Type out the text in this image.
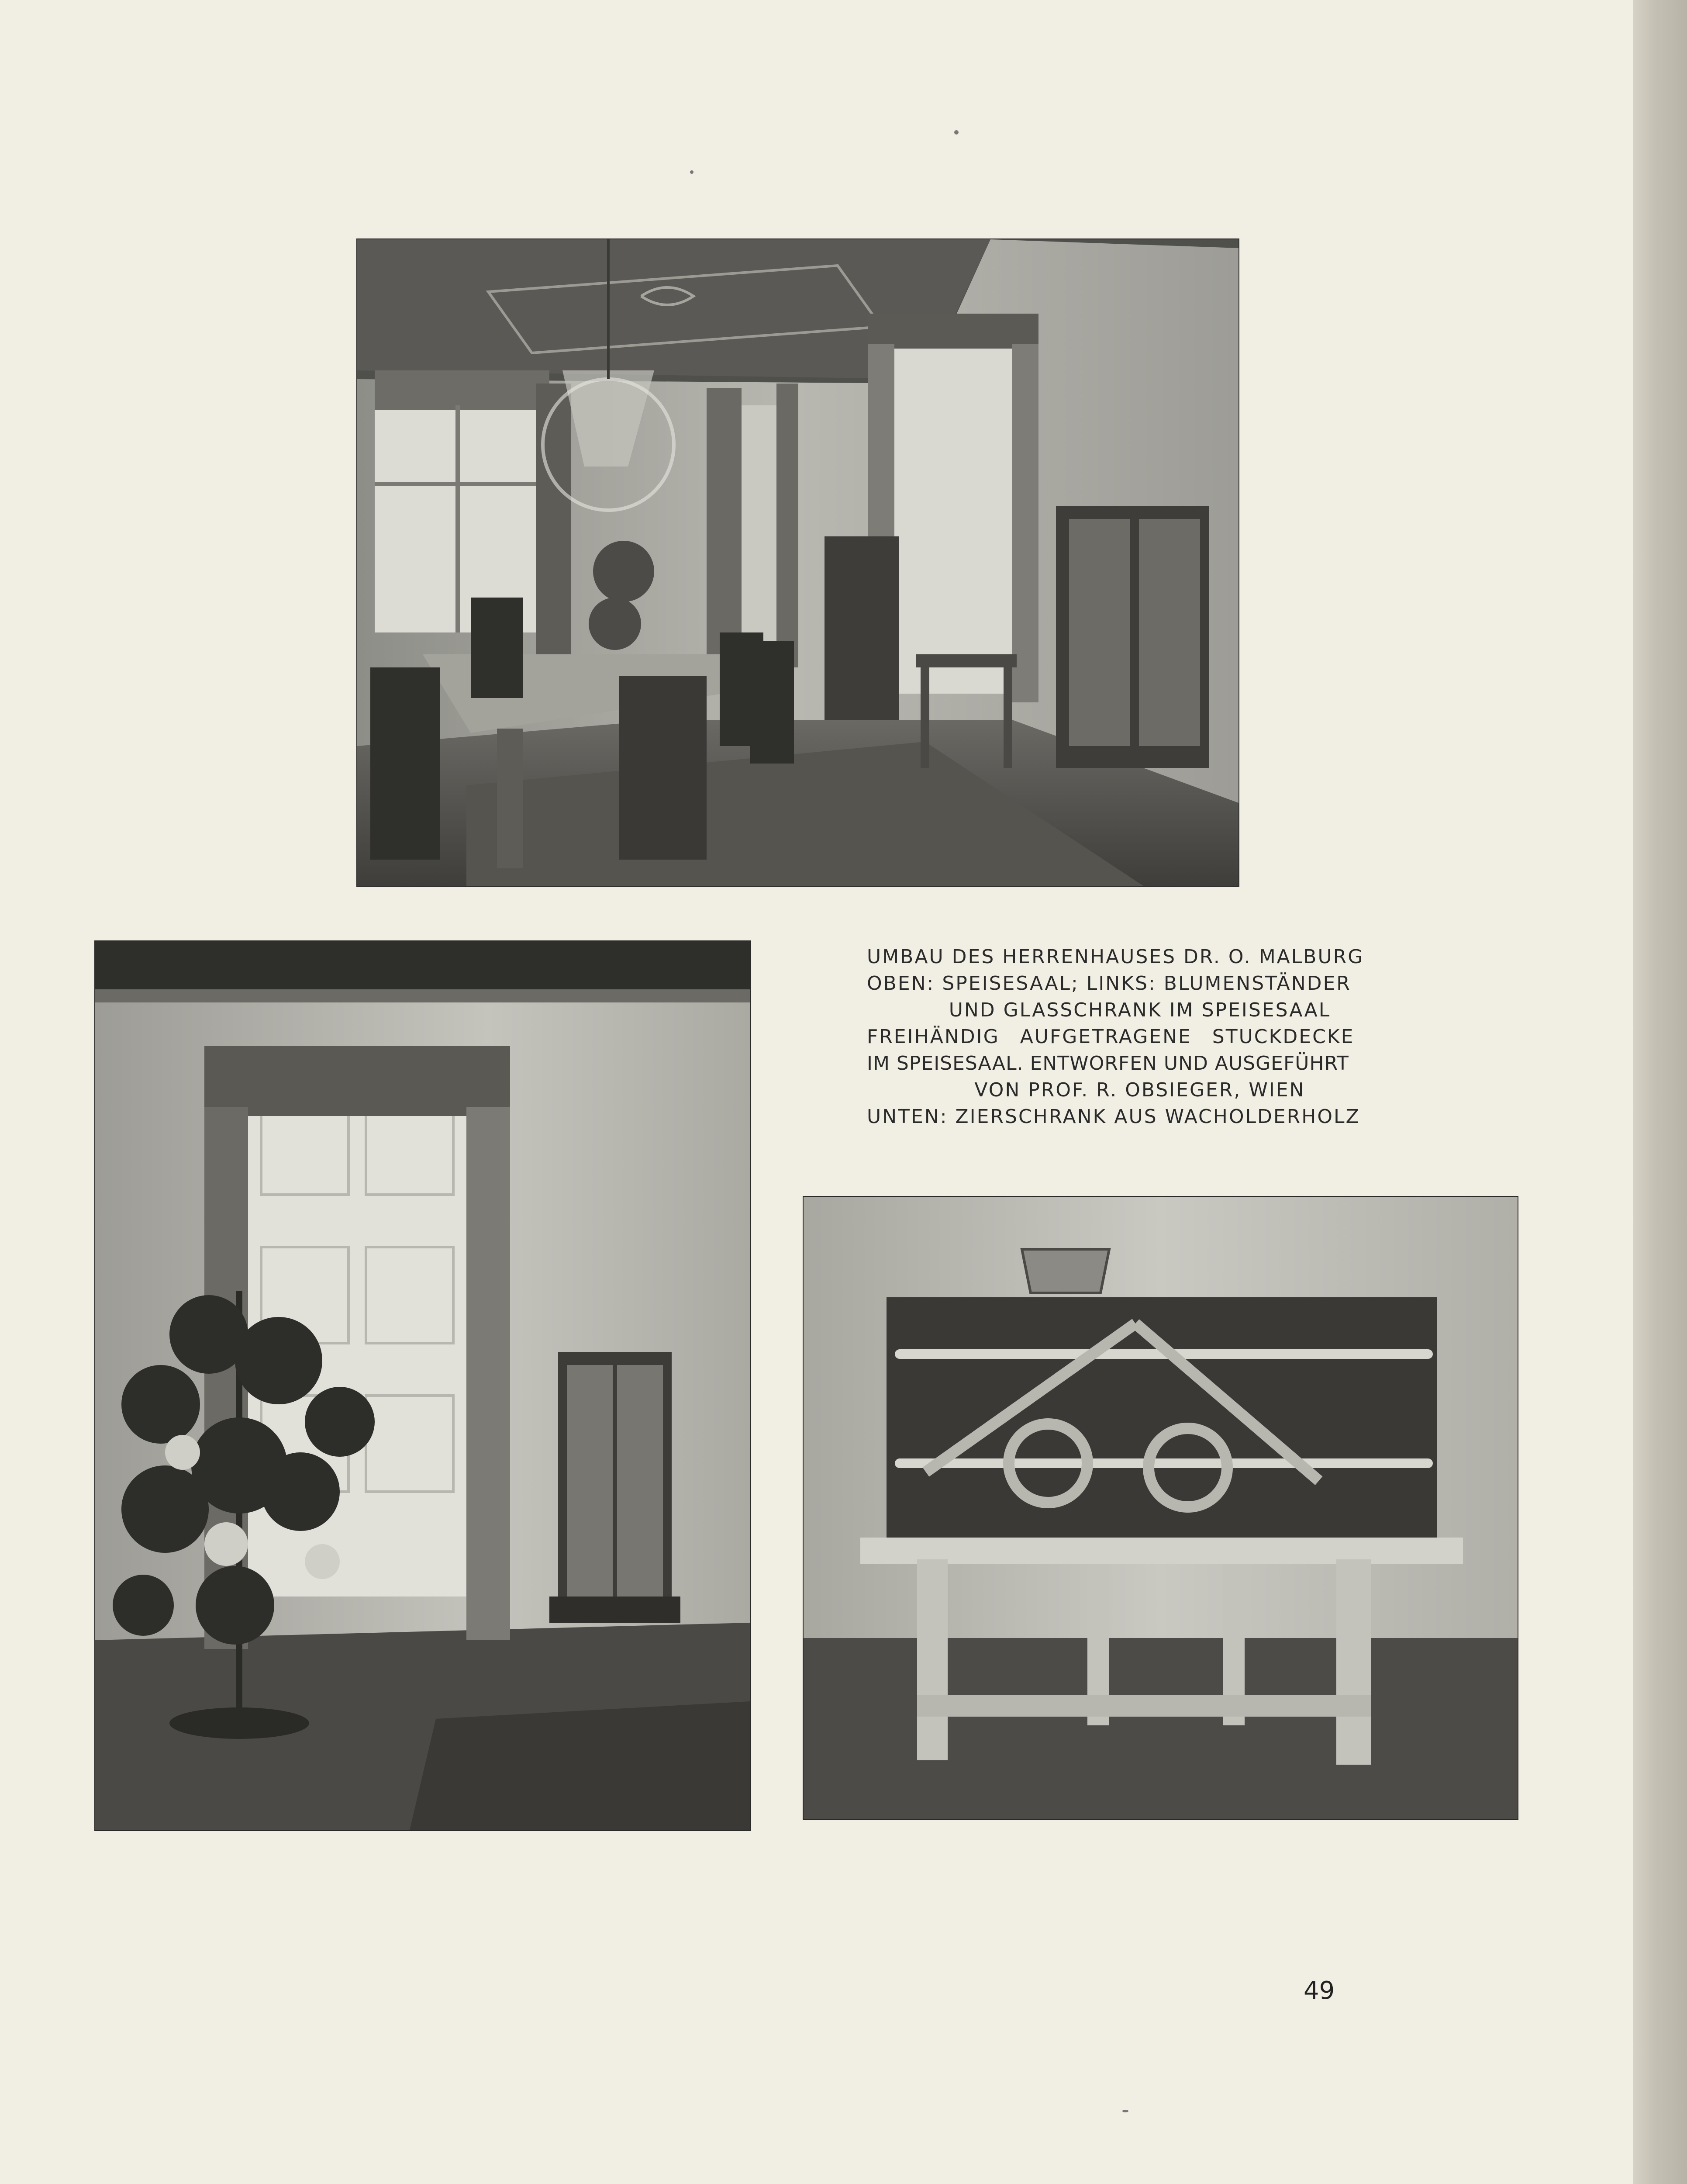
UMBAU DES HERRENHAUSES DR. O. MALBURG
OBEN: SPEISESAAL; LINKS: BLUMENSTÄNDER
UND GLASSCHRANK IM SPEISESAAL
FREIHÄNDIG AUFGETRAGENE STUCKDECKE
IM SPEISESAAL. ENTWORFEN UND AUSGEFÜHRT
VON PROF. R. OBSIEGER, WIEN
UNTEN: ZIERSCHRANK AUS WACHOLDERHOLZ
49
